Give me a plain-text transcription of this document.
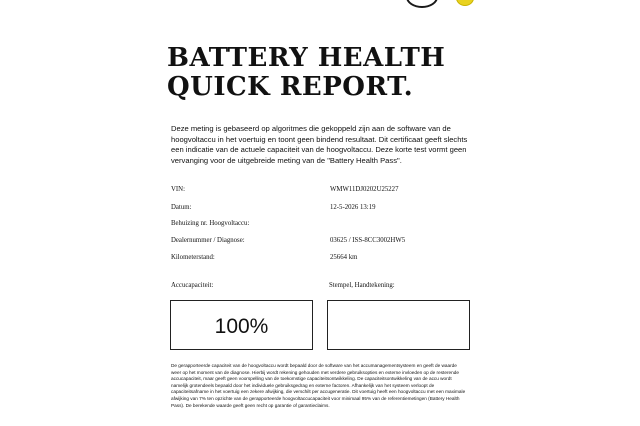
BATTERY HEALTH
QUICK REPORT.
Deze meting is gebaseerd op algoritmes die gekoppeld zijn aan de software van de hoogvoltaccu in het voertuig en toont geen bindend resultaat. Dit certificaat geeft slechts een indicatie van de actuele capaciteit van de hoogvoltaccu. Deze korte test vormt geen vervanging voor de uitgebreide meting van de "Battery Health Pass".
VIN:	WMW11DJ0202U25227
Datum:	12-5-2026 13:19
Behuizing nr. Hoogvoltaccu:
Dealernummer / Diagnose:	03625 / ISS-8CC3002HW5
Kilometerstand:	25664 km
Accucapaciteit:	Stempel, Handtekening:
100%
De gerapporteerde capaciteit van de hoogvoltaccu wordt bepaald door de software van het accumanagementsysteem en geeft de waarde weer op het moment van de diagnose. Hierbij wordt rekening gehouden met verdere gebruiksopties en externe invloeden op de resterende accucapaciteit, maar geeft geen voorspelling van de toekomstige capaciteitsontwikkeling. De capaciteitsontwikkeling van de accu wordt namelijk grotendeels bepaald door het individuele gebruiksgedrag en externe factoren. Afhankelijk van het systeem verloopt de capaciteitsafname in het voertuig een zekere afwijking, die verschilt per accugeneratie. Dit voertuig heeft een hoogvoltaccu met een maximale afwijking van 7% ten opzichte van de gerapporteerde hoogvoltaccucapaciteit voor minimaal 95% van de referentiemetingen (Battery Health Pass). De berekende waarde geeft geen recht op garantie of garantieclaims.
